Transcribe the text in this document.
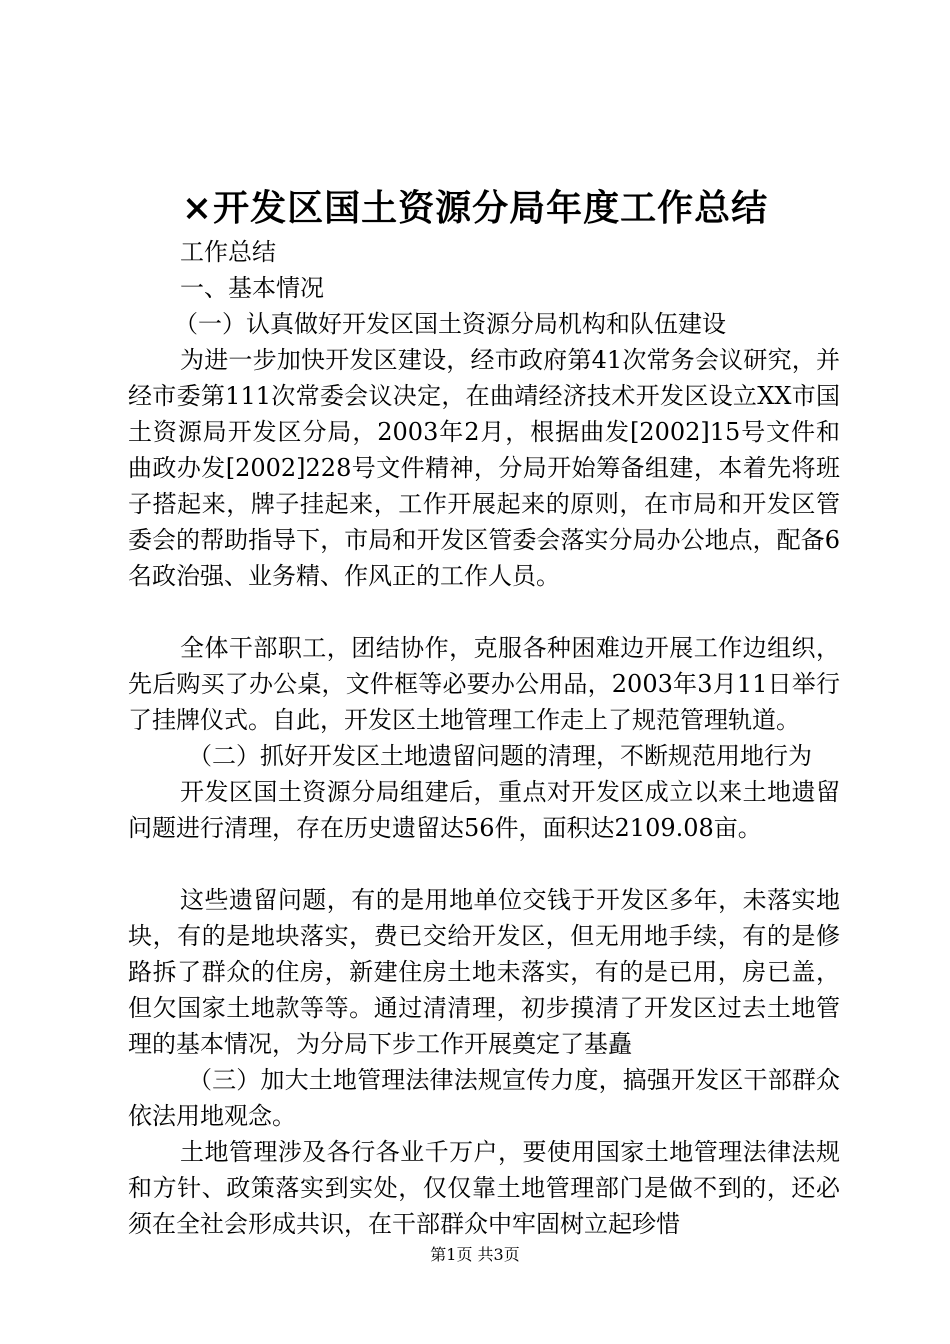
×开发区国土资源分局年度工作总结

工作总结

一、基本情况

（一）认真做好开发区国土资源分局机构和队伍建设

为进一步加快开发区建设，经市政府第41次常务会议研究，并经市委第111次常委会议决定，在曲靖经济技术开发区设立XX市国土资源局开发区分局，2003年2月，根据曲发[2002]15号文件和曲政办发[2002]228号文件精神，分局开始筹备组建，本着先将班子搭起来，牌子挂起来，工作开展起来的原则，在市局和开发区管委会的帮助指导下，市局和开发区管委会落实分局办公地点，配备6名政治强、业务精、作风正的工作人员。

全体干部职工，团结协作，克服各种困难边开展工作边组织，先后购买了办公桌，文件框等必要办公用品，2003年3月11日举行了挂牌仪式。自此，开发区土地管理工作走上了规范管理轨道。

（二）抓好开发区土地遗留问题的清理，不断规范用地行为

开发区国土资源分局组建后，重点对开发区成立以来土地遗留问题进行清理，存在历史遗留达56件，面积达2109.08亩。

这些遗留问题，有的是用地单位交钱于开发区多年，未落实地块，有的是地块落实，费已交给开发区，但无用地手续，有的是修路拆了群众的住房，新建住房土地未落实，有的是已用，房已盖，但欠国家土地款等等。通过清清理，初步摸清了开发区过去土地管理的基本情况，为分局下步工作开展奠定了基矗

（三）加大土地管理法律法规宣传力度，搞强开发区干部群众依法用地观念。

土地管理涉及各行各业千万户，要使用国家土地管理法律法规和方针、政策落实到实处，仅仅靠土地管理部门是做不到的，还必须在全社会形成共识，在干部群众中牢固树立起珍惜

第1页 共3页
